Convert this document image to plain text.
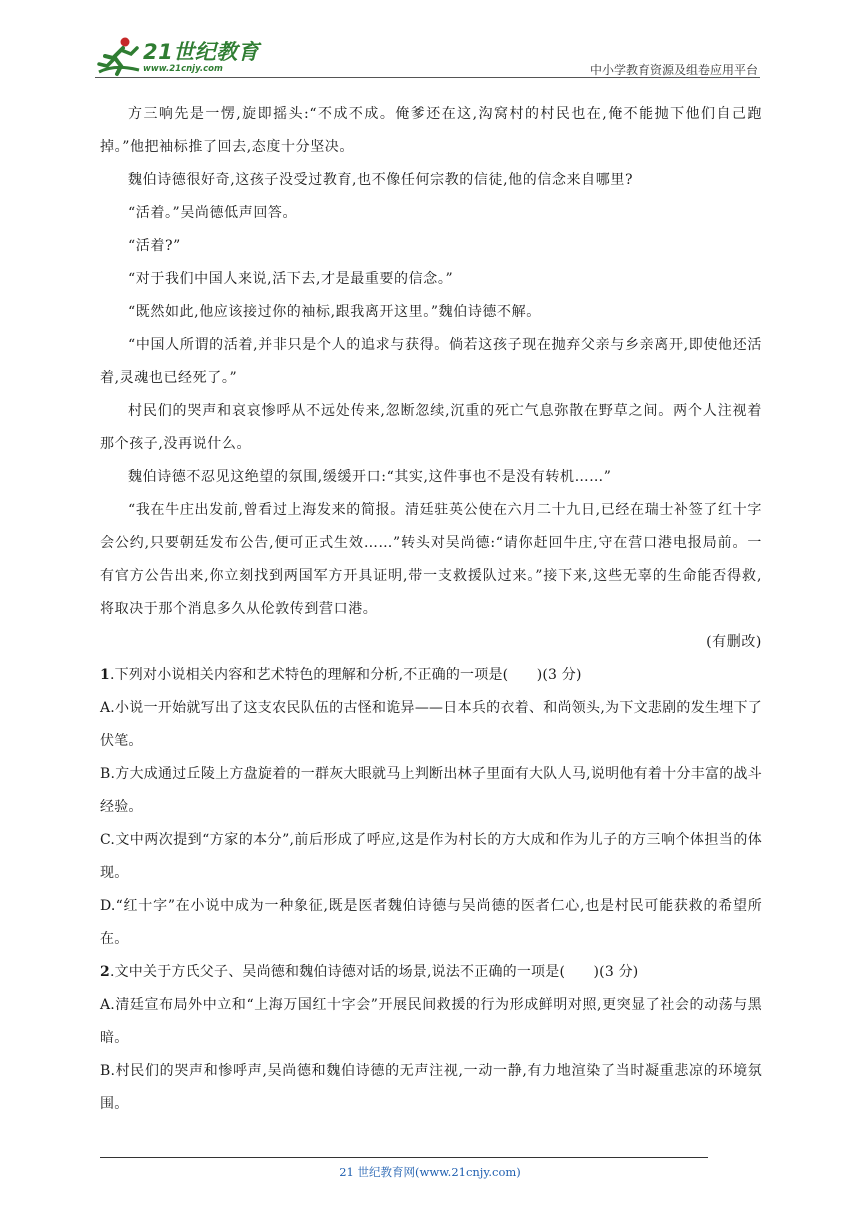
21世纪教育
www.21cnjy.com	中小学教育资源及组卷应用平台

方三响先是一愣,旋即摇头:“不成不成。俺爹还在这,沟窝村的村民也在,俺不能抛下他们自己跑掉。”他把袖标推了回去,态度十分坚决。

魏伯诗德很好奇,这孩子没受过教育,也不像任何宗教的信徒,他的信念来自哪里?

“活着。”吴尚德低声回答。

“活着?”

“对于我们中国人来说,活下去,才是最重要的信念。”

“既然如此,他应该接过你的袖标,跟我离开这里。”魏伯诗德不解。

“中国人所谓的活着,并非只是个人的追求与获得。倘若这孩子现在抛弃父亲与乡亲离开,即使他还活着,灵魂也已经死了。”

村民们的哭声和哀哀惨呼从不远处传来,忽断忽续,沉重的死亡气息弥散在野草之间。两个人注视着那个孩子,没再说什么。

魏伯诗德不忍见这绝望的氛围,缓缓开口:“其实,这件事也不是没有转机……”

“我在牛庄出发前,曾看过上海发来的简报。清廷驻英公使在六月二十九日,已经在瑞士补签了红十字会公约,只要朝廷发布公告,便可正式生效……”转头对吴尚德:“请你赶回牛庄,守在营口港电报局前。一有官方公告出来,你立刻找到两国军方开具证明,带一支救援队过来。”接下来,这些无辜的生命能否得救,将取决于那个消息多久从伦敦传到营口港。

(有删改)

1.下列对小说相关内容和艺术特色的理解和分析,不正确的一项是(　　)(3 分)

A.小说一开始就写出了这支农民队伍的古怪和诡异——日本兵的衣着、和尚领头,为下文悲剧的发生埋下了伏笔。

B.方大成通过丘陵上方盘旋着的一群灰大眼就马上判断出林子里面有大队人马,说明他有着十分丰富的战斗经验。

C.文中两次提到“方家的本分”,前后形成了呼应,这是作为村长的方大成和作为儿子的方三响个体担当的体现。

D.“红十字”在小说中成为一种象征,既是医者魏伯诗德与吴尚德的医者仁心,也是村民可能获救的希望所在。

2.文中关于方氏父子、吴尚德和魏伯诗德对话的场景,说法不正确的一项是(　　)(3 分)

A.清廷宣布局外中立和“上海万国红十字会”开展民间救援的行为形成鲜明对照,更突显了社会的动荡与黑暗。

B.村民们的哭声和惨呼声,吴尚德和魏伯诗德的无声注视,一动一静,有力地渲染了当时凝重悲凉的环境氛围。

21 世纪教育网(www.21cnjy.com)
